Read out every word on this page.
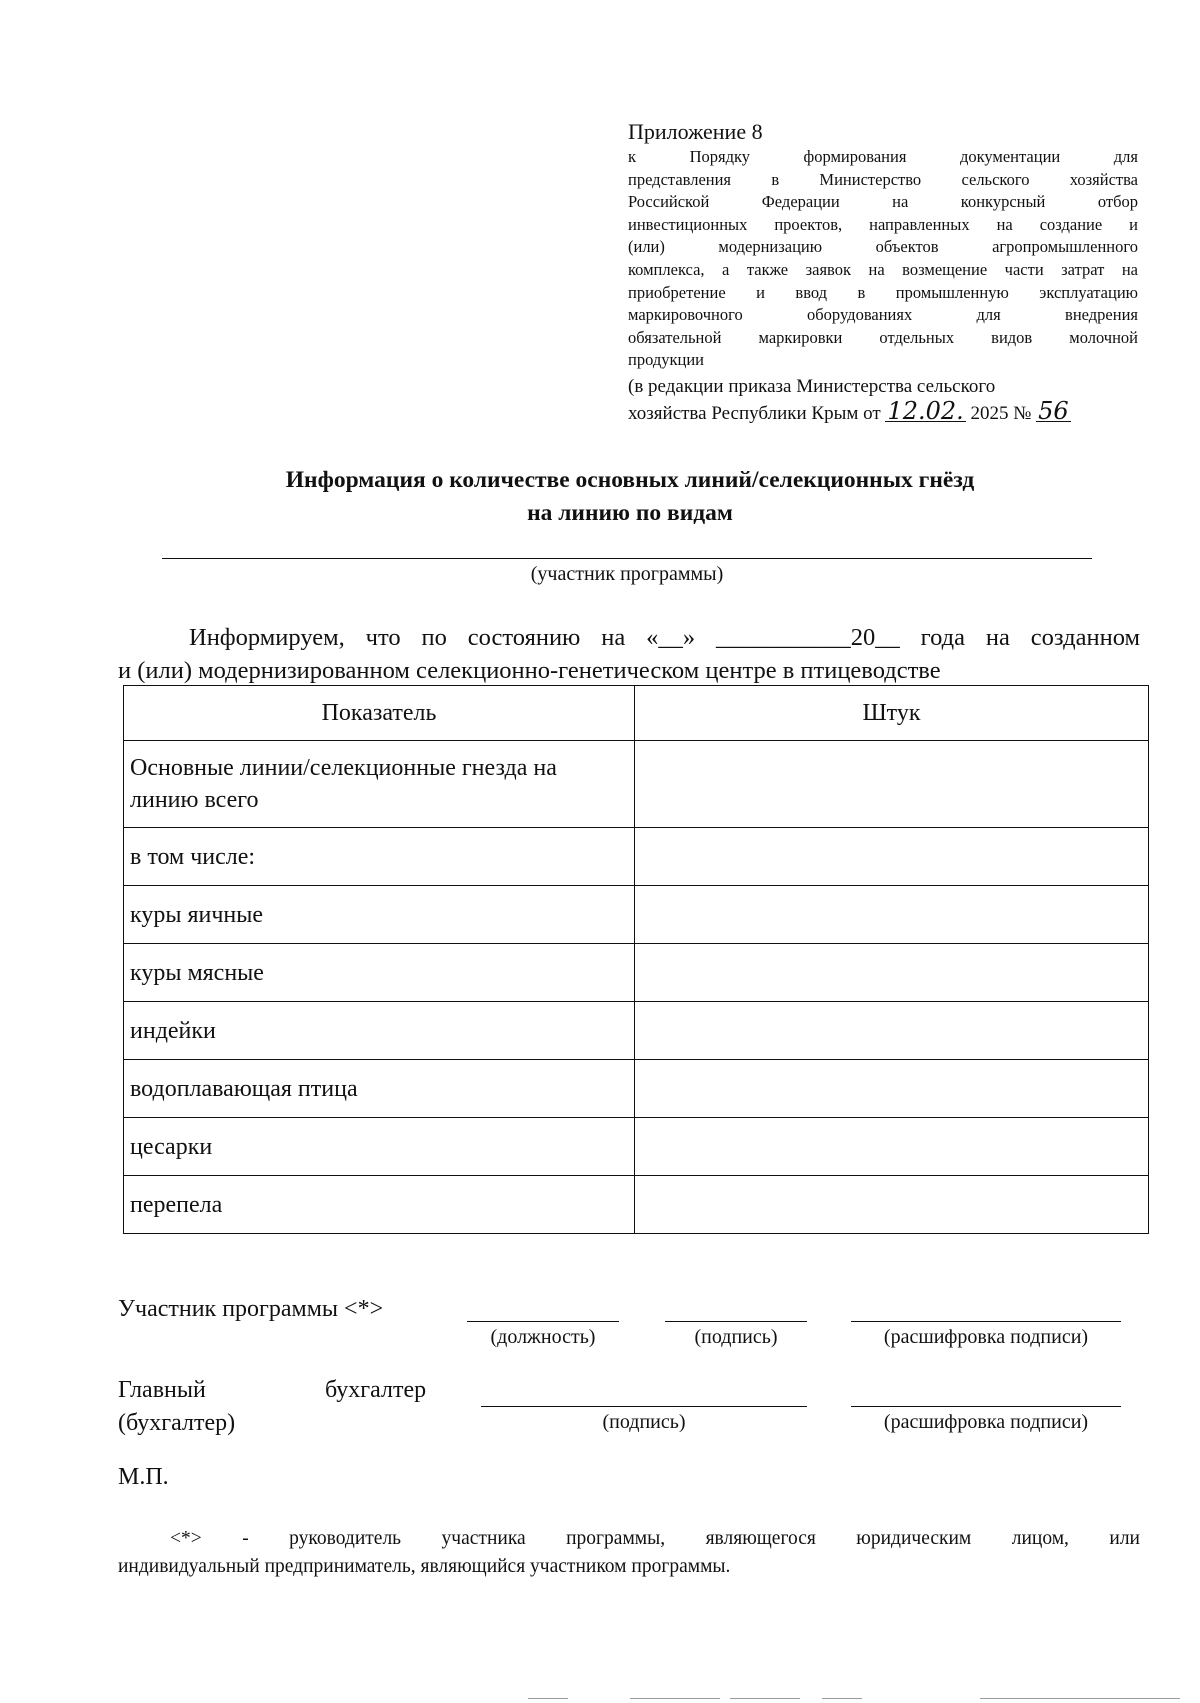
Приложение 8
к Порядку формирования документации для
представления в Министерство сельского хозяйства
Российской Федерации на конкурсный отбор
инвестиционных проектов, направленных на создание и
(или) модернизацию объектов агропромышленного
комплекса, а также заявок на возмещение части затрат на
приобретение и ввод в промышленную эксплуатацию
маркировочного оборудованиях для внедрения
обязательной маркировки отдельных видов молочной
продукции
(в редакции приказа Министерства сельского
хозяйства Республики Крым от 12.02. 2025 № 56
Информация о количестве основных линий/селекционных гнёзд
на линию по видам
(участник программы)
Информируем, что по состоянию на «__» ___________20__ года на созданном
и (или) модернизированном селекционно-генетическом центре в птицеводстве
Показатель	Штук
Основные линии/селекционные гнезда на линию всего	
в том числе:	
куры яичные	
куры мясные	
индейки	
водоплавающая птица	
цесарки	
перепела	
Участник программы <*>
(должность)	(подпись)	(расшифровка подписи)
Главный	бухгалтер
(бухгалтер)	(подпись)	(расшифровка подписи)
М.П.
<*> - руководитель участника программы, являющегося юридическим лицом, или
индивидуальный предприниматель, являющийся участником программы.
